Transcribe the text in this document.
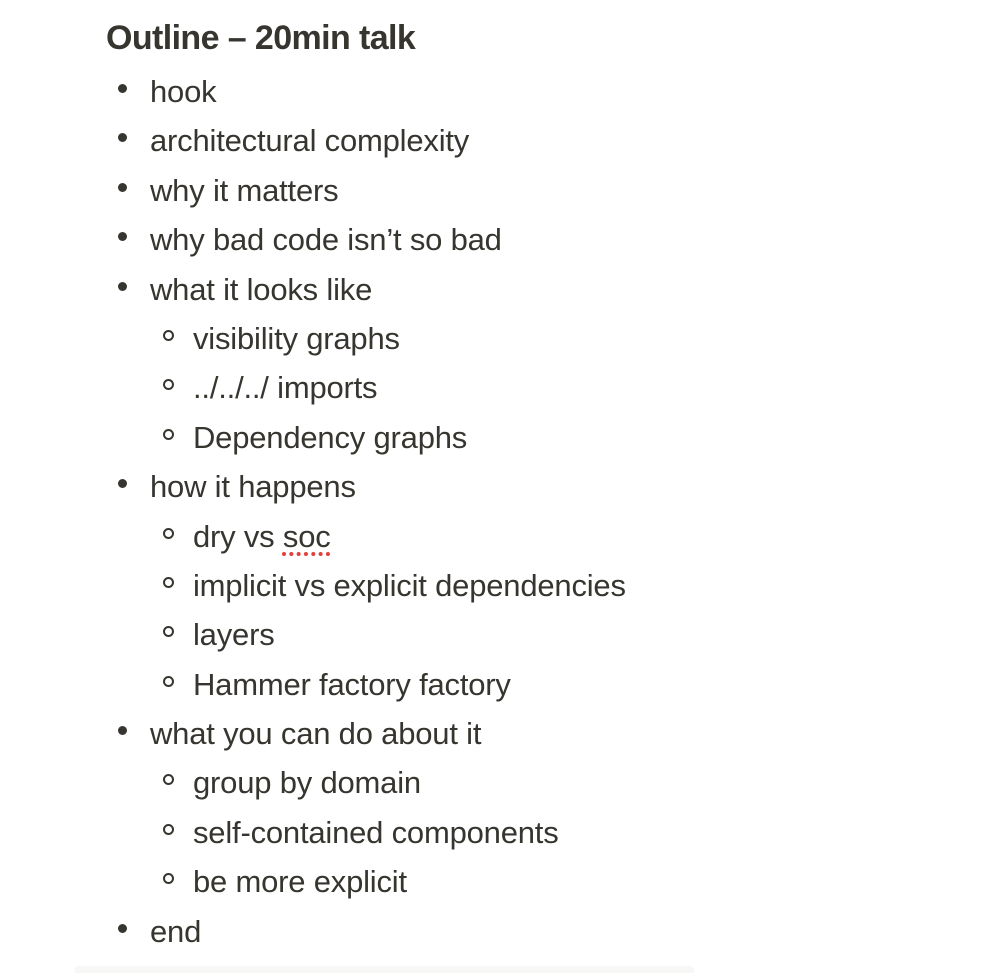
Outline – 20min talk
hook
architectural complexity
why it matters
why bad code isn’t so bad
what it looks like
visibility graphs
../../../ imports
Dependency graphs
how it happens
dry vs soc
implicit vs explicit dependencies
layers
Hammer factory factory
what you can do about it
group by domain
self-contained components
be more explicit
end
